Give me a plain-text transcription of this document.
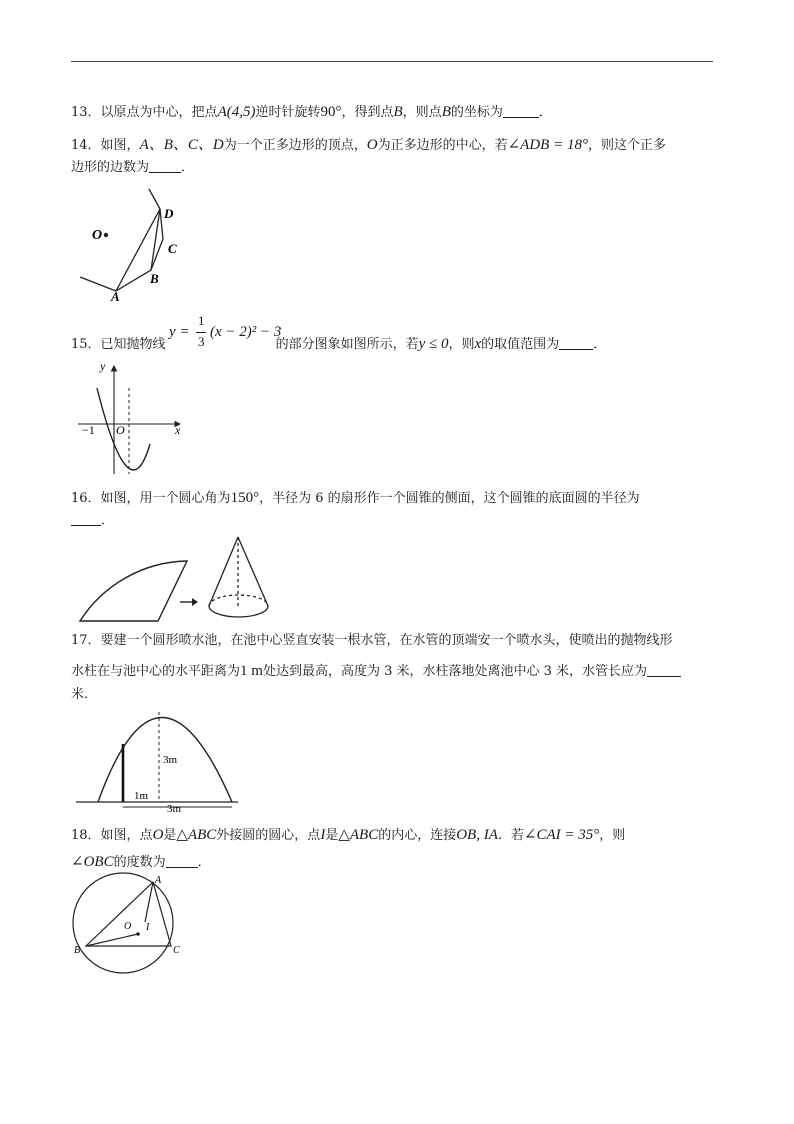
13．以原点为中心，把点A(4,5)逆时针旋转90°，得到点B，则点B的坐标为	．
14．如图，A、B、C、D为一个正多边形的顶点，O为正多边形的中心，若∠ADB = 18°，则这个正多
边形的边数为 ．
O
A
B
C
D
15．已知抛物线	的部分图象如图所示，若y ≤ 0，则x的取值范围为	．
y =
1
3
(x − 2)² − 3
y
x
O
−1
16．如图，用一个圆心角为150°，半径为 6 的扇形作一个圆锥的侧面，这个圆锥的底面圆的半径为
．
17．要建一个圆形喷水池，在池中心竖直安装一根水管，在水管的顶端安一个喷水头，使喷出的抛物线形
水柱在与池中心的水平距离为1 m处达到最高，高度为 3 米，水柱落地处离池中心 3 米，水管长应为
米．
3m
1m
3m
18．如图，点O是△ABC外接圆的圆心，点I是△ABC的内心，连接OB, IA．若∠CAI = 35°，则
∠OBC的度数为 ．
A
B	C
O I
